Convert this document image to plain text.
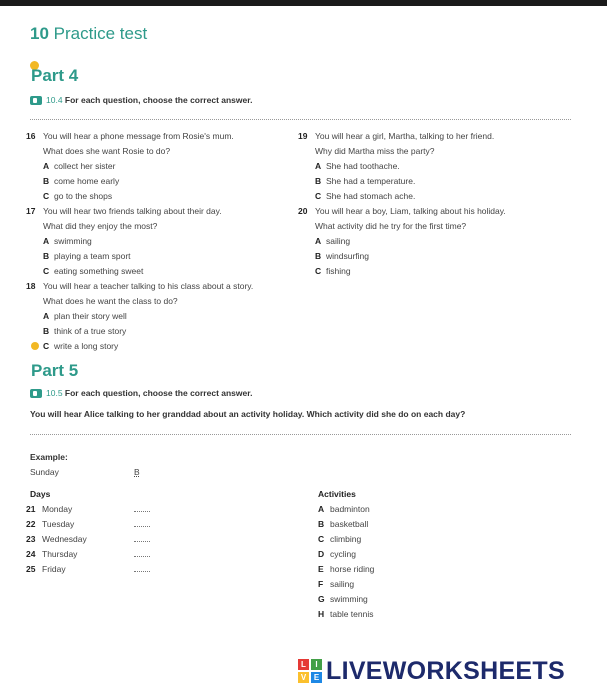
10 Practice test
Part 4
10.4 For each question, choose the correct answer.
16 You will hear a phone message from Rosie's mum.
What does she want Rosie to do?
A collect her sister
B come home early
C go to the shops
17 You will hear two friends talking about their day.
What did they enjoy the most?
A swimming
B playing a team sport
C eating something sweet
18 You will hear a teacher talking to his class about a story.
What does he want the class to do?
A plan their story well
B think of a true story
C write a long story
19 You will hear a girl, Martha, talking to her friend.
Why did Martha miss the party?
A She had toothache.
B She had a temperature.
C She had stomach ache.
20 You will hear a boy, Liam, talking about his holiday.
What activity did he try for the first time?
A sailing
B windsurfing
C fishing
Part 5
10.5 For each question, choose the correct answer.
You will hear Alice talking to her granddad about an activity holiday. Which activity did she do on each day?
Example:
Sunday	B
Days
21 Monday
22 Tuesday
23 Wednesday
24 Thursday
25 Friday
Activities
A badminton
B basketball
C climbing
D cycling
E horse riding
F sailing
G swimming
H table tennis
L	I
V E LIVEWORKSHEETS
